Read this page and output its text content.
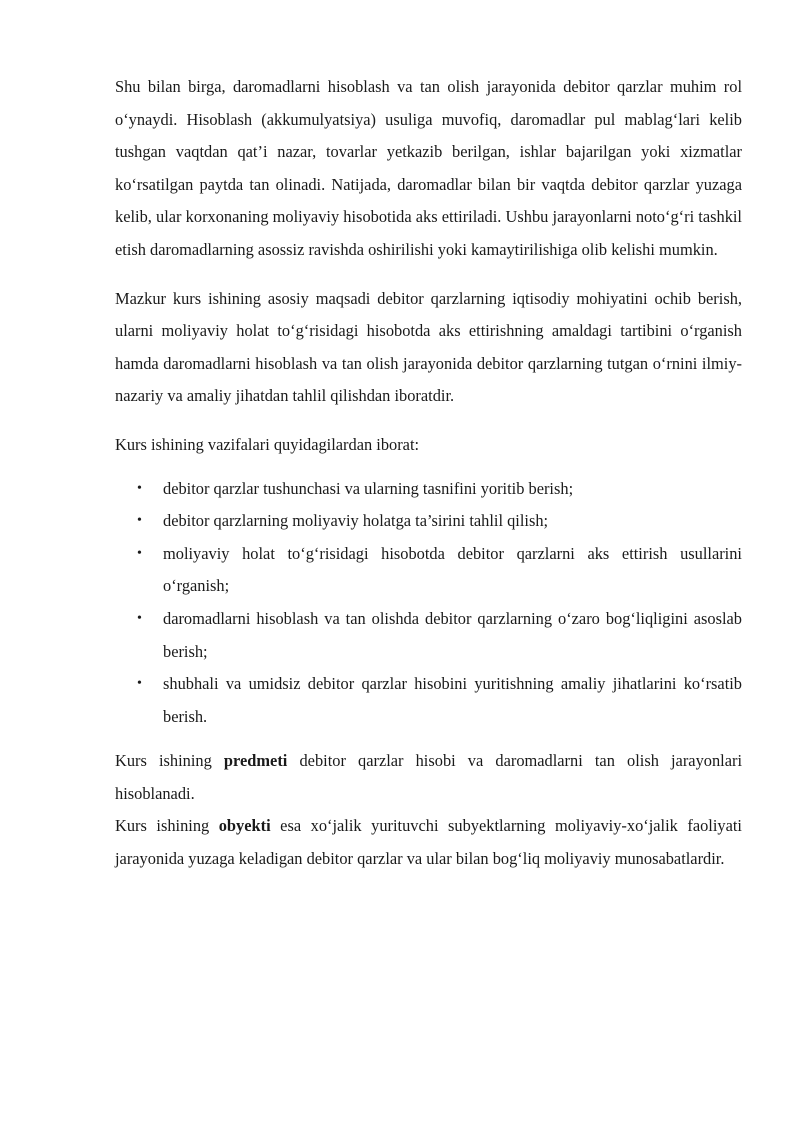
Shu bilan birga, daromadlarni hisoblash va tan olish jarayonida debitor qarzlar muhim rol o‘ynaydi. Hisoblash (akkumulyatsiya) usuliga muvofiq, daromadlar pul mablag‘lari kelib tushgan vaqtdan qat’i nazar, tovarlar yetkazib berilgan, ishlar bajarilgan yoki xizmatlar ko‘rsatilgan paytda tan olinadi. Natijada, daromadlar bilan bir vaqtda debitor qarzlar yuzaga kelib, ular korxonaning moliyaviy hisobotida aks ettiriladi. Ushbu jarayonlarni noto‘g‘ri tashkil etish daromadlarning asossiz ravishda oshirilishi yoki kamaytirilishiga olib kelishi mumkin.

Mazkur kurs ishining asosiy maqsadi debitor qarzlarning iqtisodiy mohiyatini ochib berish, ularni moliyaviy holat to‘g‘risidagi hisobotda aks ettirishning amaldagi tartibini o‘rganish hamda daromadlarni hisoblash va tan olish jarayonida debitor qarzlarning tutgan o‘rnini ilmiy-nazariy va amaliy jihatdan tahlil qilishdan iboratdir.

Kurs ishining vazifalari quyidagilardan iborat:

• debitor qarzlar tushunchasi va ularning tasnifini yoritib berish;
• debitor qarzlarning moliyaviy holatga ta’sirini tahlil qilish;
• moliyaviy holat to‘g‘risidagi hisobotda debitor qarzlarni aks ettirish usullarini o‘rganish;
• daromadlarni hisoblash va tan olishda debitor qarzlarning o‘zaro bog‘liqligini asoslab berish;
• shubhali va umidsiz debitor qarzlar hisobini yuritishning amaliy jihatlarini ko‘rsatib berish.

Kurs ishining predmeti debitor qarzlar hisobi va daromadlarni tan olish jarayonlari hisoblanadi.

Kurs ishining obyekti esa xo‘jalik yurituvchi subyektlarning moliyaviy-xo‘jalik faoliyati jarayonida yuzaga keladigan debitor qarzlar va ular bilan bog‘liq moliyaviy munosabatlardir.
